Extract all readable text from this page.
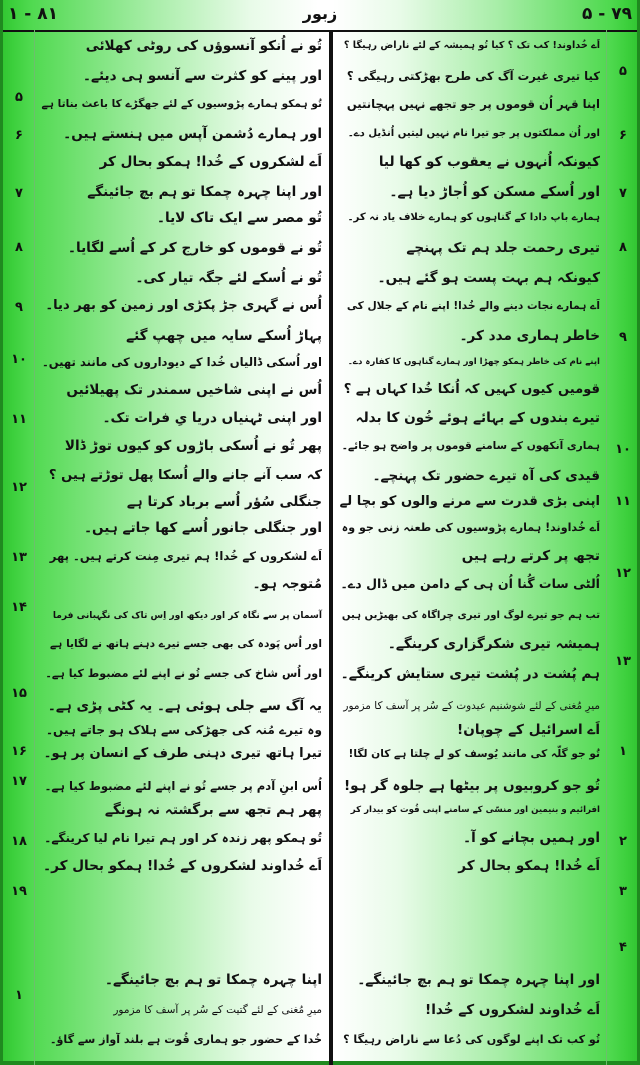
۱ - ۸۱	زبور	۵ - ۷۹
تُو نے اُنکو آنسوؤں کی روٹی کھلائی
اور پینے کو کثرت سے آنسو ہی دیئے۔
تُو ہمکو ہمارے پڑوسیوں کے لئے جھگڑے کا باعث بناتا ہے
اور ہمارے دُشمن آپس میں ہنستے ہیں۔
اَے لشکروں کے خُدا! ہمکو بحال کر
اور اپنا چہرہ چمکا تو ہم بچ جائینگے
تُو مصر سے ایک تاک لایا۔
تُو نے قوموں کو خارج کر کے اُسے لگایا۔
تُو نے اُسکے لئے جگہ تیار کی۔
اُس نے گہری جڑ پکڑی اور زمین کو بھر دیا۔
پہاڑ اُسکے سایہ میں چھپ گئے
اور اُسکی ڈالیاں خُدا کے دیوداروں کی مانند تھیں۔
اُس نے اپنی شاخیں سمندر تک پھیلائیں
اور اپنی ٹہنیاں دریا یِ فرات تک۔
پھر تُو نے اُسکی باڑوں کو کیوں توڑ ڈالا
کہ سب آنے جانے والے اُسکا پھل توڑتے ہیں ؟
جنگلی سُؤر اُسے برباد کرتا ہے
اور جنگلی جانور اُسے کھا جاتے ہیں۔
اَے لشکروں کے خُدا! ہم تیری مِنت کرتے ہیں۔ پھر
مُتوجہ ہو۔
آسمان پر سے نگاہ کر اور دیکھ اور اِس تاک کی نگہبانی فرما
اور اُس پَودہ کی بھی جسے تیرے دہنے ہاتھ نے لگایا ہے
اور اُس شاخ کی جسے تُو نے اپنے لئے مضبوط کیا ہے۔
یہ آگ سے جلی ہوئی ہے۔ یہ کٹی پڑی ہے۔
وہ تیرے مُنہ کی جھڑکی سے ہلاک ہو جاتے ہیں۔
تیرا ہاتھ تیری دہنی طرف کے انسان پر ہو۔
اُس ابنِ آدم پر جسے تُو نے اپنے لئے مضبوط کیا ہے۔
پھر ہم تجھ سے برگشتہ نہ ہونگے
تُو ہمکو پھر زندہ کر اور ہم تیرا نام لیا کرینگے۔
اَے خُداوند لشکروں کے خُدا! ہمکو بحال کر۔
اپنا چہرہ چمکا تو ہم بچ جائینگے۔
میرِ مُغنی کے لئے گتیت کے سُر پر آسف کا مزمور
خُدا کے حضور جو ہماری قُوت ہے بلند آواز سے گاؤ۔
اَے خُداوند! کب تک ؟ کیا تُو ہمیشہ کے لئے ناراض رہیگا ؟
کیا تیری غیرت آگ کی طرح بھڑکتی رہیگی ؟
اپنا قہر اُن قوموں پر جو تجھے نہیں پہچانتیں
اور اُن مملکتوں پر جو تیرا نام نہیں لیتیں اُنڈیل دے۔
کیونکہ اُنہوں نے یعقوب کو کھا لیا
اور اُسکے مسکن کو اُجاڑ دیا ہے۔
ہمارے باپ دادا کے گناہوں کو ہمارے خلاف یاد نہ کر۔
تیری رحمت جلد ہم تک پہنچے
کیونکہ ہم بہت پست ہو گئے ہیں۔
اَے ہمارے نجات دینے والے خُدا! اپنے نام کے جلال کی
خاطر ہماری مدد کر۔
اپنے نام کی خاطر ہمکو چھڑا اور ہمارے گناہوں کا کفارہ دے۔
قومیں کیوں کہیں کہ اُنکا خُدا کہاں ہے ؟
تیرے بندوں کے بہائے ہوئے خُون کا بدلہ
ہماری آنکھوں کے سامنے قوموں پر واضح ہو جائے۔
قیدی کی آہ تیرے حضور تک پہنچے۔
اپنی بڑی قدرت سے مرنے والوں کو بچا لے
اَے خُداوند! ہمارے پڑوسیوں کی طعنہ زنی جو وہ
تجھ پر کرتے رہے ہیں
اُلٹی سات گُنا اُن ہی کے دامن میں ڈال دے۔
تب ہم جو تیرے لوگ اور تیری چراگاہ کی بھیڑیں ہیں
ہمیشہ تیری شکرگزاری کرینگے۔
ہم پُشت در پُشت تیری ستایش کرینگے۔
میرِ مُغنی کے لئے شوشنیم عیدوت کے سُر پر آسف کا مزمور
اَے اسرائیل کے چوپان!
تُو جو گلّہ کی مانند یُوسف کو لے چلتا ہے کان لگا!
تُو جو کروبیوں پر بیٹھا ہے جلوہ گر ہو!
افرائیم و بنیمین اور منسّی کے سامنے اپنی قُوت کو بیدار کر
اور ہمیں بچانے کو آ۔
اَے خُدا! ہمکو بحال کر
اور اپنا چہرہ چمکا تو ہم بچ جائینگے۔
اَے خُداوند لشکروں کے خُدا!
تُو کب تک اپنے لوگوں کی دُعا سے ناراض رہیگا ؟
۵
۶
۷
۸
۹
۱۰
۱۱
۱۲
۱۳
۱
۲
۳
۴
۵
۶
۷
۸
۹
۱۰
۱۱
۱۲
۱۳
۱۴
۱۵
۱۶
۱۷
۱۸
۱۹
۱
